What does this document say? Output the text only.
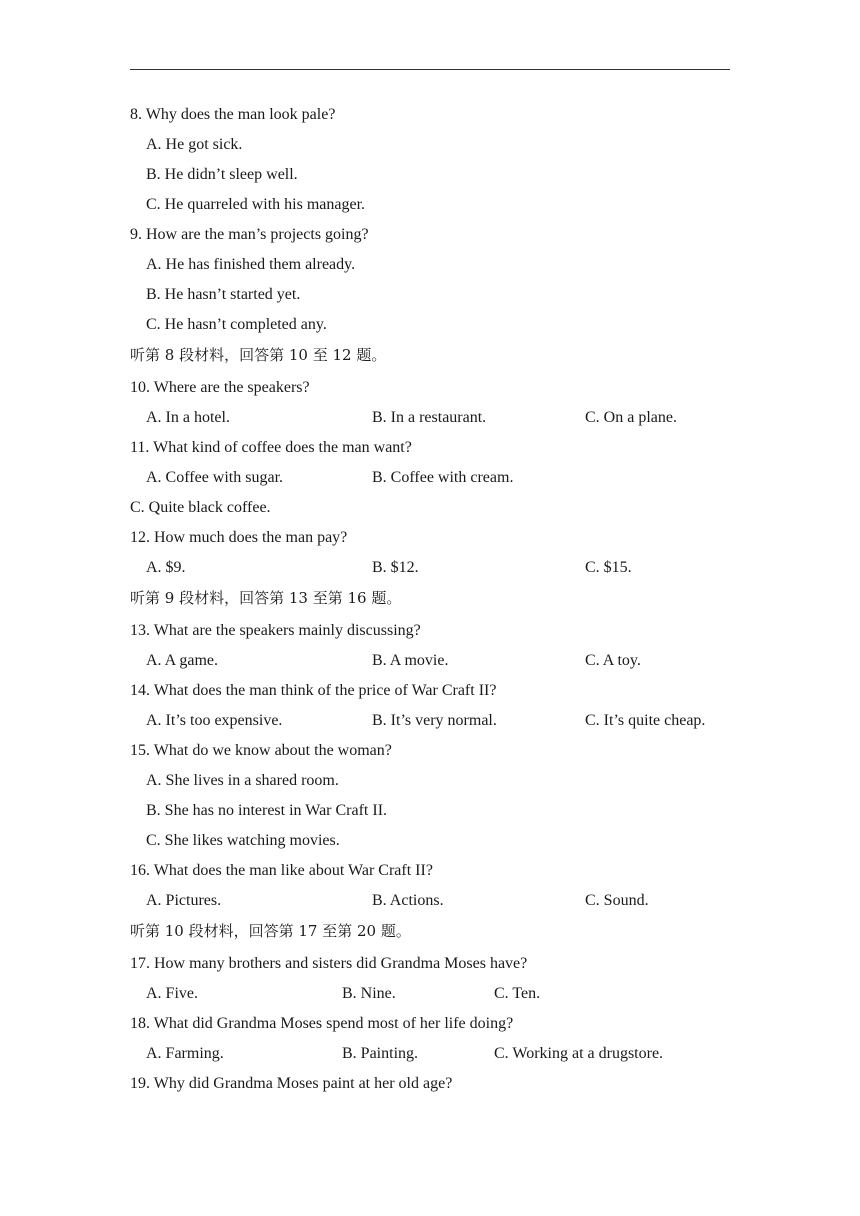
8. Why does the man look pale?
A. He got sick.
B. He didn’t sleep well.
C. He quarreled with his manager.
9. How are the man’s projects going?
A. He has finished them already.
B. He hasn’t started yet.
C. He hasn’t completed any.
听第 8 段材料，回答第 10 至 12 题。
10. Where are the speakers?
A. In a hotel.	B. In a restaurant.	C. On a plane.
11. What kind of coffee does the man want?
A. Coffee with sugar.	B. Coffee with cream.
C. Quite black coffee.
12. How much does the man pay?
A. $9.	B. $12.	C. $15.
听第 9 段材料，回答第 13 至第 16 题。
13. What are the speakers mainly discussing?
A. A game.	B. A movie.	C. A toy.
14. What does the man think of the price of War Craft II?
A. It’s too expensive.	B. It’s very normal.	C. It’s quite cheap.
15. What do we know about the woman?
A. She lives in a shared room.
B. She has no interest in War Craft II.
C. She likes watching movies.
16. What does the man like about War Craft II?
A. Pictures.	B. Actions.	C. Sound.
听第 10 段材料，回答第 17 至第 20 题。
17. How many brothers and sisters did Grandma Moses have?
A. Five.	B. Nine.	C. Ten.
18. What did Grandma Moses spend most of her life doing?
A. Farming.	B. Painting.	C. Working at a drugstore.
19. Why did Grandma Moses paint at her old age?
